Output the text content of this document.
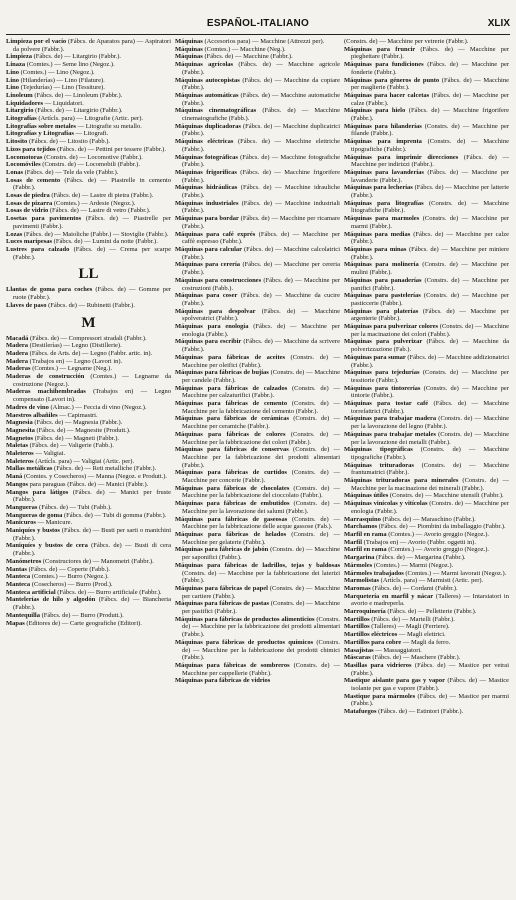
ESPAÑOL-ITALIANO	XLIX

Limpieza por el vacío (Fábcs. de Aparatos para) — Aspiratori da polvere (Fabbr.).

Limpieza (Fábcs. de) — Litargirio (Fabbr.).

Linaza (Comtes.) — Seme lino (Negoz.).

Lino (Comtes.) — Lino (Negoz.).

Lino (Hilanderías) — Lino (Filature).

Lino (Tejedurías) — Lino (Tessiture).

Linoleum (Fábcs. de) — Linoleum (Fabbr.).

Liquidadores — Liquidatori.

Litargirio (Fábcs. de) — Litargirio (Fabbr.).

Litografías (Artícls. para) — Litografie (Artic. per).

Litografías sobre metales — Litografie su metallo.

Litografías y Litografías — Litografi.

Litosito (Fábcs. de) — Litosito (Fabb.).

Lizos para tejidos (Fábcs. de) — Pettini per tessere (Fabbr.).

Locomotoras (Constrs. de) — Locomotive (Fabbr.).

Locomóviles (Constrs. de) — Locomobili (Fabbr.).

Lonas (Fábcs. de) — Tele da vele (Fabbr.).

Losas de cemento (Fábcs. de) — Piastrelle in cemento (Fabbr.).

Losas de piedra (Fábcs. de) — Lastre di pietra (Fabbr.).

Losas de pizarra (Comtes.) — Ardesie (Negoz.).

Losas de vidrio (Fábcs. de) — Lastre di vetro (Fabbr.).

Losetas para pavimentos (Fábcs. de) — Piastrelle per pavimenti (Fabbr.).

Lozas (Fábcs. de) — Maioliche (Fabbr.) — Stoviglie (Fabbr.).

Luces marípesas (Fábcs. de) — Lumini da notte (Fabbr.).

Lustres para calzado (Fábcs. de) — Crema per scarpe (Fabbr.).

LL

Llantas de goma para coches (Fábcs. de) — Gomme per ruote (Fabbr.).

Llaves de paso (Fábcs. de) — Rubinetti (Fabbr.).

M

Macadá (Fábcs. de) — Compressori stradali (Fabbr.).

Madera (Destilerías) — Legno (Distillerie).

Madera (Fábcs. de Arts. de) — Legno (Fabbr. artic. in).

Madera (Trabajos en) — Legno (Lavori in).

Maderas (Comtes.) — Legname (Neg.).

Maderas de construcción (Comtes.) — Legname da costruzione (Negoz.).

Maderas machihembradas (Trabajos en) — Legno compensato (Lavori in).

Madres de vino (Almac.) — Feccia di vino (Negoz.).

Maestros albañiles — Capimastri.

Magnesia (Fábcs. de) — Magnesia (Fabbr.).

Magnesita (Fábcs. de) — Magnesite (Produtt.).

Magnetos (Fábcs. de) — Magneti (Fabbr.).

Maletas (Fábcs. de) — Valigerie (Fabb.).

Maleteros — Valigiai.

Maleteros (Artícls. para) — Valigiai (Artic. per).

Mallas metálicas (Fábcs. de) — Reti metalliche (Fabbr.).

Maná (Comtes. y Cosecheros) — Manna (Negoz. e Produtt.).

Mangos para paraguas (Fábcs. de) — Manici (Fabbr.).

Mangos para látigos (Fábcs. de) — Manici per fruste (Fabbr.).

Mangueras (Fábcs. de) — Tubi (Fabb.).

Mangueras de goma (Fábcs. de) — Tubi di gomma (Fabbr.).

Manicuros — Manicure.

Maniquíes y bustos (Fábcs. de) — Busti per sarti o manichini (Fabbr.).

Maniquíes y bustos de cera (Fábcs. de) — Busti di cera (Fabbr.).

Manómetros (Constructores de) — Manometri (Fabbr.).

Mantas (Fábcs. de) — Coperte (Fabb.).

Manteca (Comtes.) — Burro (Negoz.).

Manteca (Cosecheros) — Burro (Prod.).

Manteca artificial (Fábcs. de) — Burro artificiale (Fabbr.).

Mantelerías de hilo y algodón (Fábcs. de) — Biancheria (Fabbr.).

Mantequilla (Fábcs. de) — Burro (Produtt.).

Mapas (Editores de) — Carte geografiche (Editori).

Máquinas (Accesorios para) — Macchine (Attrezzi per).

Máquinas (Comtes.) — Macchine (Neg.).

Máquinas (Fábcs. de) — Macchine (Fabbr.).

Máquinas agrícolas (Fábcs. de) — Macchine agricole (Fabbr.).

Máquinas autocopistas (Fábcs. de) — Macchine da copiare (Fabbr.).

Máquinas automáticas (Fábcs. de) — Macchine automatiche (Fabbr.).

Máquinas cinematográficas (Fábcs. de) — Macchine cinematografiche (Fabb.).

Máquinas duplicadoras (Fábcs. de) — Macchine duplicatrici (Fabbr.).

Máquinas eléctricas (Fábcs. de) — Macchine elettriche (Fabbr.).

Máquinas fotográficas (Fábcs. de) — Macchine fotografiche (Fabbr.).

Máquinas frigoríficas (Fábcs. de) — Macchine frigorifere (Fabbr.).

Máquinas hidráulicas (Fábcs. de) — Macchine idrauliche (Fabbr.).

Máquinas industriales (Fábcs. de) — Macchine industriali (Fabbr.).

Máquinas para bordar (Fábcs. de) — Macchine per ricamare (Fabbr.).

Máquinas para café exprés (Fábcs. de) — Macchine per caffè espresso (Fabbr.).

Máquinas para calcular (Fábcs. de) — Macchine calcolatrici (Fabbr.).

Máquinas para cerería (Fábcs. de) — Macchine per cereria (Fabbr.).

Máquinas para construcciones (Fábcs. de) — Macchine per costruzioni (Fabb.).

Máquinas para coser (Fábcs. de) — Macchine da cucire (Fabbr.).

Máquinas para despolvar (Fábcs. de) — Macchine spolveratrici (Fabbr.).

Máquinas para enología (Fábcs. de) — Macchine per enologia (Fabbr.).

Máquinas para escribir (Fábcs. de) — Macchine da scrivere (Fabbr.).

Máquinas para fábricas de aceites (Constrs. de) — Macchine per oleifici (Fabbr.).

Máquinas para fábricas de bujías (Constrs. de) — Macchine per candele (Fabbr.).

Máquinas para fábricas de calzados (Constrs. de) — Macchine per calzaturifici (Fabbr.).

Máquinas para fábricas de cemento (Constrs. de) — Macchine per la fabbricazione del cemento (Fabbr.).

Máquinas para fábricas de cerámicas (Constrs. de) — Macchine per ceramiche (Fabbr.).

Máquinas para fábricas de colores (Constrs. de) — Macchine per la fabbricazione dei colori (Fabbr.).

Máquinas para fábricas de conservas (Constrs. de) — Macchine per la fabbricazione dei prodotti alimentari (Fabbr.).

Máquinas para fábricas de curtidos (Constrs. de) — Macchine per concerie (Fabbr.).

Máquinas para fábricas de chocolates (Constrs. de) — Macchine per la fabbricazione del cioccolato (Fabbr.).

Máquinas para fábricas de embutidos (Constrs. de) — Macchine per la lavorazione dei salumi (Fabbr.).

Máquinas para fábricas de gaseosas (Constrs. de) — Macchine per la fabbricazione delle acque gassose (Fab.).

Máquinas para fábricas de helados (Constrs. de) — Macchine per gelaterie (Fabbr.).

Máquinas para fábricas de jabón (Constrs. de) — Macchine per saponifici (Fabbr.).

Máquinas para fábricas de ladrillos, tejas y baldosas (Constrs. de) — Macchine per la fabbricazione dei laterizi (Fabbr.).

Máquinas para fábricas de papel (Constrs. de) — Macchine per cartiere (Fabbr.).

Máquinas para fábricas de pastas (Constrs. de) — Macchine per pastifici (Fabbr.).

Máquinas para fábricas de productos alimenticios (Constrs. de) — Macchine per la fabbricazione dei prodotti alimentari (Fabbr.).

Máquinas para fábricas de productos químicos (Constrs. de) — Macchine per la fabbricazione dei prodotti chimici (Fabbr.).

Máquinas para fábricas de sombreros (Constrs. de) — Macchine per cappellerie (Fabbr.).

Máquinas para fábricas de vidrios

(Constrs. de) — Macchine per vetrerie (Fabbr.).

Máquinas para fruncir (Fábcs. de) — Macchine per pieghettare (Fabbr.).

Máquinas para fundiciones (Fábcs. de) — Macchine per fonderie (Fabbr.).

Máquinas para géneros de punto (Fábcs. de) — Macchine per maglierie (Fabbr.).

Máquinas para hacer calcetas (Fábcs. de) — Macchine per calze (Fabbr.).

Máquinas para hielo (Fábcs. de) — Macchine frigorifere (Fabbr.).

Máquinas para hilanderías (Constrs. de) — Macchine per filande (Fabbr.).

Máquinas para imprenta (Constrs. de) — Macchine tipografiche (Fabbr.).

Máquinas para imprimir direcciones (Fábcs. de) — Macchine per indirizzi (Fabbr.).

Máquinas para lavanderías (Fábcs. de) — Macchine per lavanderie (Fabbr.).

Máquinas para lecherías (Fábcs. de) — Macchine per latterie (Fabbr.).

Máquinas para litografías (Constrs. de) — Macchine litografiche (Fabbr.).

Máquinas para marmoles (Constrs. de) — Macchine per marmi (Fabbr.).

Máquinas para medias (Fábcs. de) — Macchine per calze (Fabbr.).

Máquinas para minas (Fábcs. de) — Macchine per miniere (Fabbr.).

Máquinas para molinería (Constrs. de) — Macchine per mulini (Fabbr.).

Máquinas para panaderías (Constrs. de) — Macchine per panifici (Fabbr.).

Máquinas para pastelerías (Constrs. de) — Macchine per pasticcerie (Fabbr.).

Máquinas para platerías (Fábcs. de) — Macchine per argenterie (Fabbr.).

Máquinas para pulverizar colores (Constrs. de) — Macchine per la macinazione dei colori (Fabbr.).

Máquinas para pulverizar (Fábcs. de) — Macchine da polverizzazione (Fab.).

Máquinas para sumar (Fábcs. de) — Macchine addizionatrici (Fabbr.).

Máquinas para tejedurías (Constrs. de) — Macchine per tessitorie (Fabbr.).

Máquinas para tintorerías (Constrs. de) — Macchine per tintorie (Fabbr.).

Máquinas para tostar café (Fábcs. de) — Macchine torrefattrici (Fabbr.).

Máquinas para trabajar madera (Constrs. de) — Macchine per la lavorazione del legno (Fabbr.).

Máquinas para trabajar metales (Constrs. de) — Macchine per la lavorazione dei metalli (Fabbr.).

Máquinas tipográficas (Constrs. de) — Macchine tipografiche (Fabbr.).

Máquinas trituradoras (Constrs. de) — Macchine frantumatrici (Fabbr.).

Máquinas trituradoras para minerales (Constrs. de) — Macchine per la macinazione dei minerali (Fabbr.).

Máquinas útiles (Constrs. de) — Macchine utensili (Fabbr.).

Máquinas vinícolas y vitícolas (Constrs. de) — Macchine per enologia (Fabbr.).

Marrasquino (Fábcs. de) — Maraschino (Fabbr.).

Marchamos (Fábcs. de) — Piombini da imballaggio (Fabbr.).

Marfil en rama (Comtes.) — Avorio greggio (Negoz.).

Marfil (Trabajos en) — Avorio (Fabbr. oggetti in).

Marfil en rama (Comtes.) — Avorio greggio (Negoz.).

Margarina (Fábcs. de) — Margarina (Fabbr.).

Mármoles (Comtes.) — Marmi (Negoz.).

Mármoles trabajados (Comtes.) — Marmi lavorati (Negoz.).

Marmolistas (Artícls. para) — Marmisti (Artic. per).

Maromas (Fábcs. de) — Cordami (Fabbr.).

Marquetería en marfil y nácar (Talleres) — Intarsiatori in avorio e madreperla.

Marroquinería (Fábcs. de) — Pelletterie (Fabbr.).

Martillos (Fábcs. de) — Martelli (Fabbr.).

Martillos (Talleres) — Magli (Ferriere).

Martillos eléctricos — Magli elettrici.

Martillos para cobre — Magli da ferro.

Masajistas — Massaggiatori.

Máscaras (Fábcs. de) — Maschere (Fabbr.).

Masillas para vidrieros (Fábcs. de) — Mastice per vetrai (Fabbr.).

Mastique aislante para gas y vapor (Fábcs. de) — Mastice isolante per gas e vapore (Fabbr.).

Mastique para mármoles (Fábcs. de) — Mastice per marmi (Fabbr.).

Matafuegos (Fábcs. de) — Estintori (Fabbr.).
